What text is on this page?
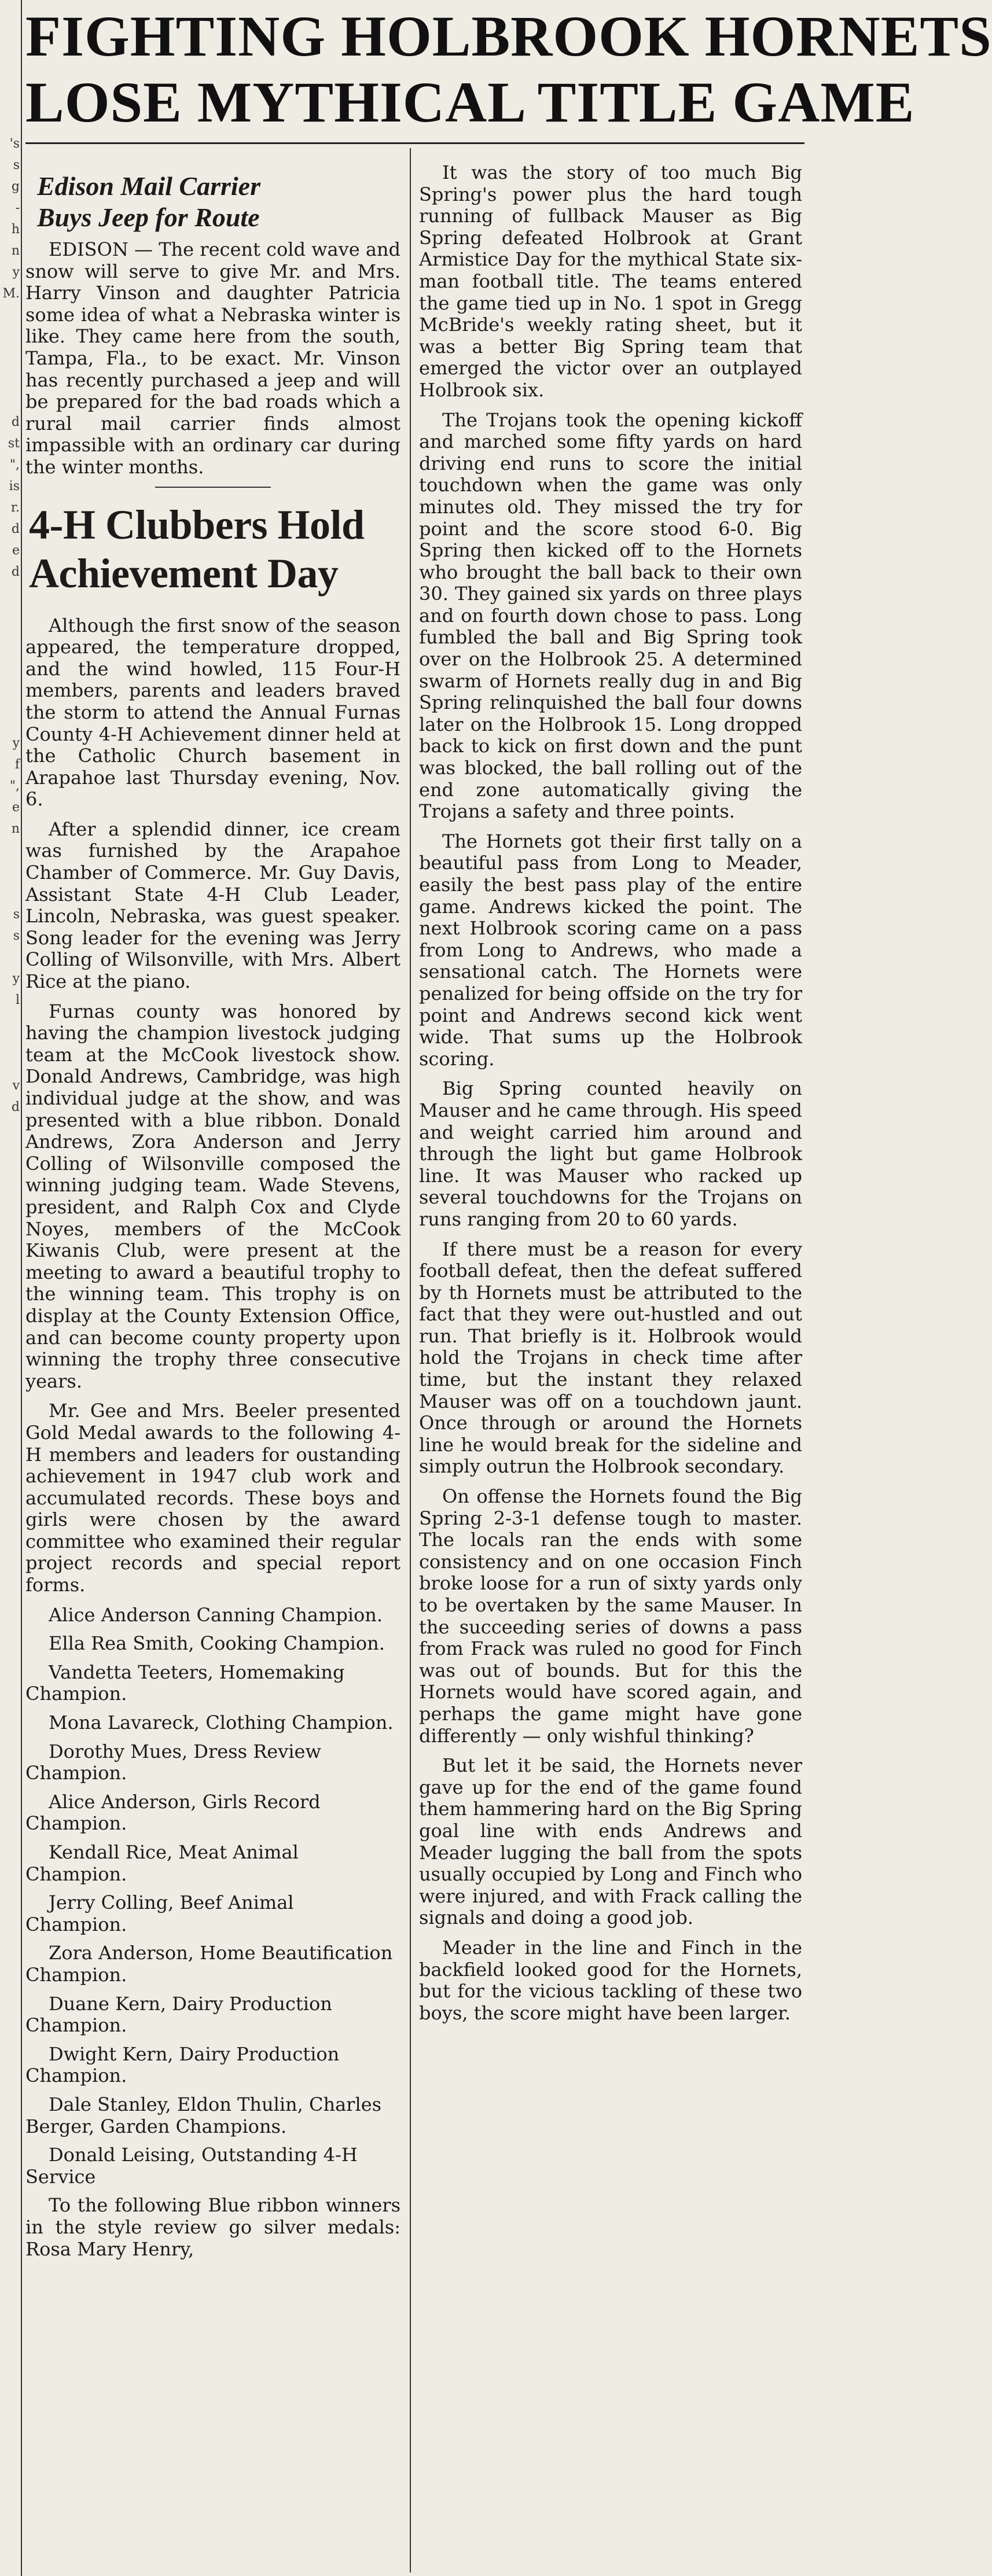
's
s
g
-
h
n
y
M.
d
st
",
is
r.
d
e
d
y
f
",
e
n
s
s
y
l
v
d
FIGHTING HOLBROOK HORNETS
LOSE MYTHICAL TITLE GAME
Edison Mail Carrier
Buys Jeep for Route

EDISON — The recent cold wave and snow will serve to give Mr. and Mrs. Harry Vinson and daughter Patricia some idea of what a Nebraska winter is like. They came here from the south, Tampa, Fla., to be exact. Mr. Vinson has recently purchased a jeep and will be prepared for the bad roads which a rural mail carrier finds almost impassible with an ordinary car during the winter months.

4-H Clubbers Hold
Achievement Day

Although the first snow of the season appeared, the temperature dropped, and the wind howled, 115 Four-H members, parents and leaders braved the storm to attend the Annual Furnas County 4-H Achievement dinner held at the Catholic Church basement in Arapahoe last Thursday evening, Nov. 6.

After a splendid dinner, ice cream was furnished by the Arapahoe Chamber of Commerce. Mr. Guy Davis, Assistant State 4-H Club Leader, Lincoln, Nebraska, was guest speaker. Song leader for the evening was Jerry Colling of Wilsonville, with Mrs. Albert Rice at the piano.

Furnas county was honored by having the champion livestock judging team at the McCook livestock show. Donald Andrews, Cambridge, was high individual judge at the show, and was presented with a blue ribbon. Donald Andrews, Zora Anderson and Jerry Colling of Wilsonville composed the winning judging team. Wade Stevens, president, and Ralph Cox and Clyde Noyes, members of the McCook Kiwanis Club, were present at the meeting to award a beautiful trophy to the winning team. This trophy is on display at the County Extension Office, and can become county property upon winning the trophy three consecutive years.

Mr. Gee and Mrs. Beeler presented Gold Medal awards to the following 4-H members and leaders for oustanding achievement in 1947 club work and accumulated records. These boys and girls were chosen by the award committee who examined their regular project records and special report forms.

Alice Anderson Canning Champion.

Ella Rea Smith, Cooking Champion.

Vandetta Teeters, Homemaking Champion.

Mona Lavareck, Clothing Champion.

Dorothy Mues, Dress Review Champion.

Alice Anderson, Girls Record Champion.

Kendall Rice, Meat Animal Champion.

Jerry Colling, Beef Animal Champion.

Zora Anderson, Home Beautification Champion.

Duane Kern, Dairy Production Champion.

Dwight Kern, Dairy Production Champion.

Dale Stanley, Eldon Thulin, Charles Berger, Garden Champions.

Donald Leising, Outstanding 4-H Service

To the following Blue ribbon winners in the style review go silver medals: Rosa Mary Henry,

It was the story of too much Big Spring's power plus the hard tough running of fullback Mauser as Big Spring defeated Holbrook at Grant Armistice Day for the mythical State six-man football title. The teams entered the game tied up in No. 1 spot in Gregg McBride's weekly rating sheet, but it was a better Big Spring team that emerged the victor over an outplayed Holbrook six.

The Trojans took the opening kickoff and marched some fifty yards on hard driving end runs to score the initial touchdown when the game was only minutes old. They missed the try for point and the score stood 6-0. Big Spring then kicked off to the Hornets who brought the ball back to their own 30. They gained six yards on three plays and on fourth down chose to pass. Long fumbled the ball and Big Spring took over on the Holbrook 25. A determined swarm of Hornets really dug in and Big Spring relinquished the ball four downs later on the Holbrook 15. Long dropped back to kick on first down and the punt was blocked, the ball rolling out of the end zone automatically giving the Trojans a safety and three points.

The Hornets got their first tally on a beautiful pass from Long to Meader, easily the best pass play of the entire game. Andrews kicked the point. The next Holbrook scoring came on a pass from Long to Andrews, who made a sensational catch. The Hornets were penalized for being offside on the try for point and Andrews second kick went wide. That sums up the Holbrook scoring.

Big Spring counted heavily on Mauser and he came through. His speed and weight carried him around and through the light but game Holbrook line. It was Mauser who racked up several touchdowns for the Trojans on runs ranging from 20 to 60 yards.

If there must be a reason for every football defeat, then the defeat suffered by th Hornets must be attributed to the fact that they were out-hustled and out run. That briefly is it. Holbrook would hold the Trojans in check time after time, but the instant they relaxed Mauser was off on a touchdown jaunt. Once through or around the Hornets line he would break for the sideline and simply outrun the Holbrook secondary.

On offense the Hornets found the Big Spring 2-3-1 defense tough to master. The locals ran the ends with some consistency and on one occasion Finch broke loose for a run of sixty yards only to be overtaken by the same Mauser. In the succeeding series of downs a pass from Frack was ruled no good for Finch was out of bounds. But for this the Hornets would have scored again, and perhaps the game might have gone differently — only wishful thinking?

But let it be said, the Hornets never gave up for the end of the game found them hammering hard on the Big Spring goal line with ends Andrews and Meader lugging the ball from the spots usually occupied by Long and Finch who were injured, and with Frack calling the signals and doing a good job.

Meader in the line and Finch in the backfield looked good for the Hornets, but for the vicious tackling of these two boys, the score might have been larger.
